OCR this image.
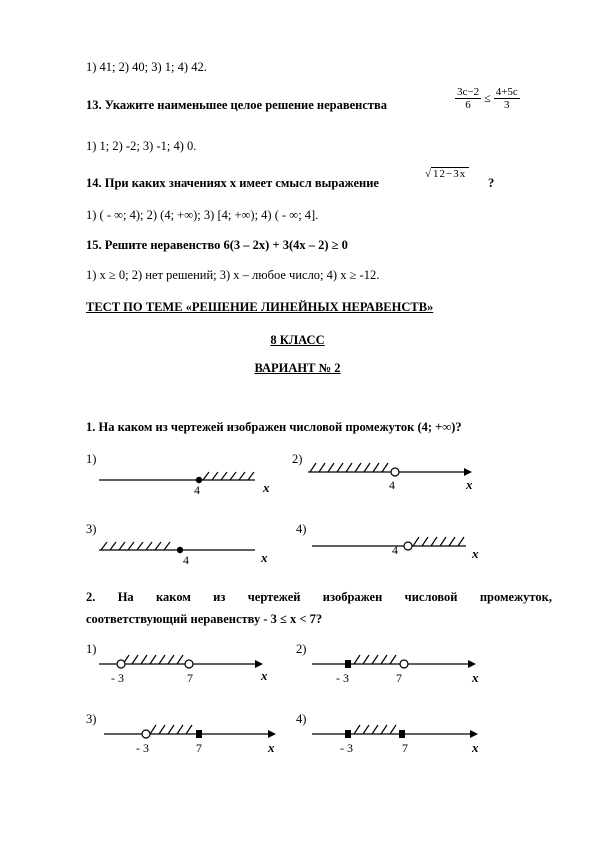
1) 41; 2) 40; 3) 1; 4) 42.
13. Укажите наименьшее целое решение неравенства	$\frac{3c-2}{6} \le \frac{4+5c}{3}$
1) 1; 2) -2; 3) -1; 4) 0.
14. При каких значениях x имеет смысл выражение
√ 12−3x
?
1) ( - ∞; 4); 2) (4; +∞); 3) [4; +∞); 4) ( - ∞; 4].
15. Решите неравенство 6(3 – 2x) + 3(4x – 2) ≥ 0
1) x ≥ 0; 2) нет решений; 3) x – любое число; 4) x ≥ -12.
ТЕСТ ПО ТЕМЕ «РЕШЕНИЕ ЛИНЕЙНЫХ НЕРАВЕНСТВ»
8 КЛАСС
ВАРИАНТ № 2
1. На каком из чертежей изображен числовой промежуток (4; +∞)?
1)
4	x
2)
4	x
3)
4	x
4)
4	x
2. На каком из чертежей изображен числовой промежуток,
соответствующий неравенству - 3 ≤ x < 7?
1)
- 3	7	x
2)
- 3	7	x
3)
- 3	7	x
4)
- 3	7	x
